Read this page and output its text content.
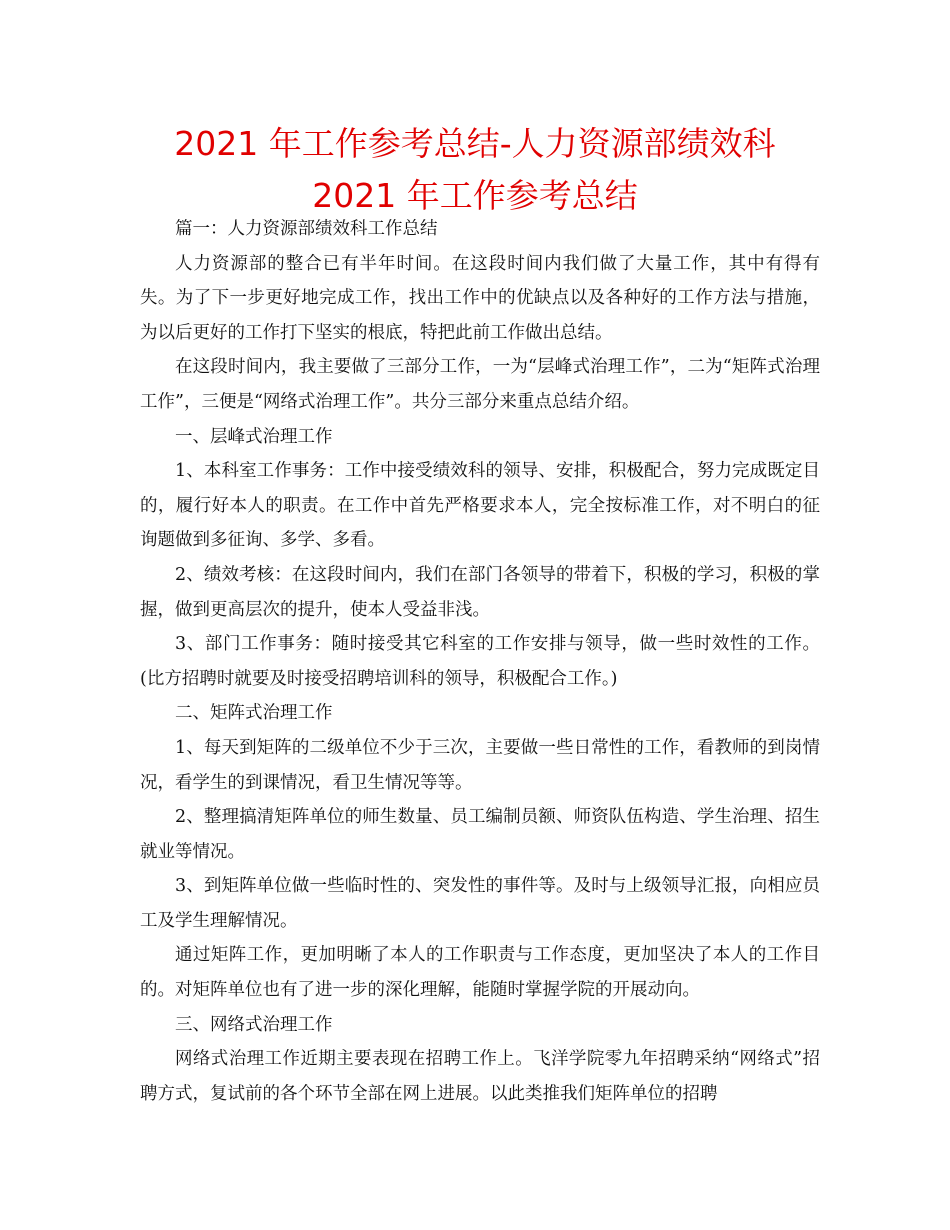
2021 年工作参考总结-人力资源部绩效科 2021 年工作参考总结

篇一：人力资源部绩效科工作总结

人力资源部的整合已有半年时间。在这段时间内我们做了大量工作，其中有得有失。为了下一步更好地完成工作，找出工作中的优缺点以及各种好的工作方法与措施，为以后更好的工作打下坚实的根底，特把此前工作做出总结。

在这段时间内，我主要做了三部分工作，一为“层峰式治理工作”，二为“矩阵式治理工作”，三便是“网络式治理工作”。共分三部分来重点总结介绍。

一、层峰式治理工作

1、本科室工作事务：工作中接受绩效科的领导、安排，积极配合，努力完成既定目的，履行好本人的职责。在工作中首先严格要求本人，完全按标准工作，对不明白的征询题做到多征询、多学、多看。

2、绩效考核：在这段时间内，我们在部门各领导的带着下，积极的学习，积极的掌握，做到更高层次的提升，使本人受益非浅。

3、部门工作事务：随时接受其它科室的工作安排与领导，做一些时效性的工作。(比方招聘时就要及时接受招聘培训科的领导，积极配合工作。)

二、矩阵式治理工作

1、每天到矩阵的二级单位不少于三次，主要做一些日常性的工作，看教师的到岗情况，看学生的到课情况，看卫生情况等等。

2、整理搞清矩阵单位的师生数量、员工编制员额、师资队伍构造、学生治理、招生就业等情况。

3、到矩阵单位做一些临时性的、突发性的事件等。及时与上级领导汇报，向相应员工及学生理解情况。

通过矩阵工作，更加明晰了本人的工作职责与工作态度，更加坚决了本人的工作目的。对矩阵单位也有了进一步的深化理解，能随时掌握学院的开展动向。

三、网络式治理工作

网络式治理工作近期主要表现在招聘工作上。飞洋学院零九年招聘采纳“网络式”招聘方式，复试前的各个环节全部在网上进展。以此类推我们矩阵单位的招聘
